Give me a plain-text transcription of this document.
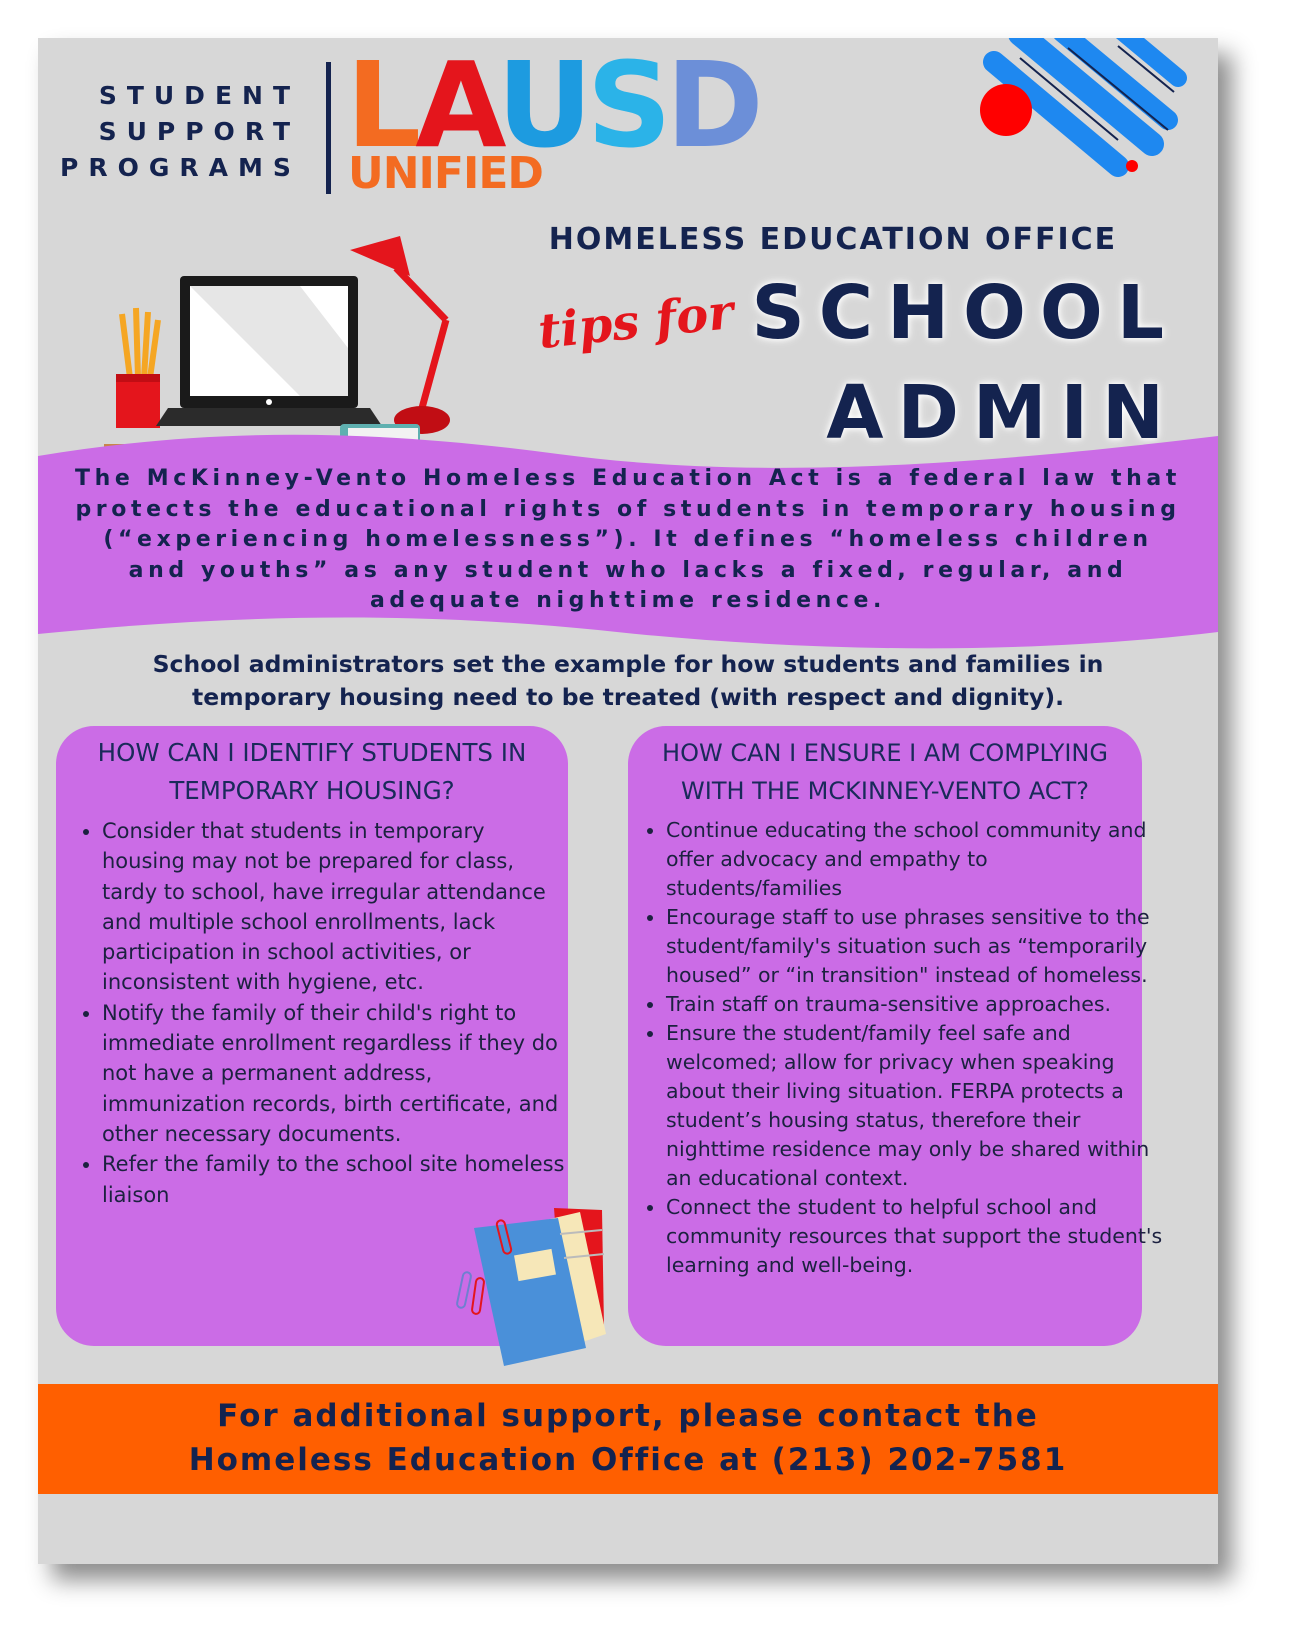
STUDENT
SUPPORT
PROGRAMS LAUSD
UNIFIED
HOMELESS EDUCATION OFFICE
tips for SCHOOL
ADMIN
The McKinney-Vento Homeless Education Act is a federal law that protects the educational rights of students in temporary housing (“experiencing homelessness”). It defines “homeless children and youths” as any student who lacks a fixed, regular, and adequate nighttime residence.
School administrators set the example for how students and families in
temporary housing need to be treated (with respect and dignity).
HOW CAN I IDENTIFY STUDENTS IN
TEMPORARY HOUSING?
• Consider that students in temporary housing may not be prepared for class, tardy to school, have irregular attendance and multiple school enrollments, lack participation in school activities, or inconsistent with hygiene, etc.
• Notify the family of their child's right to immediate enrollment regardless if they do not have a permanent address, immunization records, birth certificate, and other necessary documents.
• Refer the family to the school site homeless liaison
HOW CAN I ENSURE I AM COMPLYING
WITH THE MCKINNEY-VENTO ACT?
• Continue educating the school community and offer advocacy and empathy to students/families
• Encourage staff to use phrases sensitive to the student/family's situation such as “temporarily housed” or “in transition" instead of homeless.
• Train staff on trauma-sensitive approaches.
• Ensure the student/family feel safe and welcomed; allow for privacy when speaking about their living situation. FERPA protects a student’s housing status, therefore their nighttime residence may only be shared within an educational context.
• Connect the student to helpful school and community resources that support the student's learning and well-being.
For additional support, please contact the
Homeless Education Office at (213) 202-7581
